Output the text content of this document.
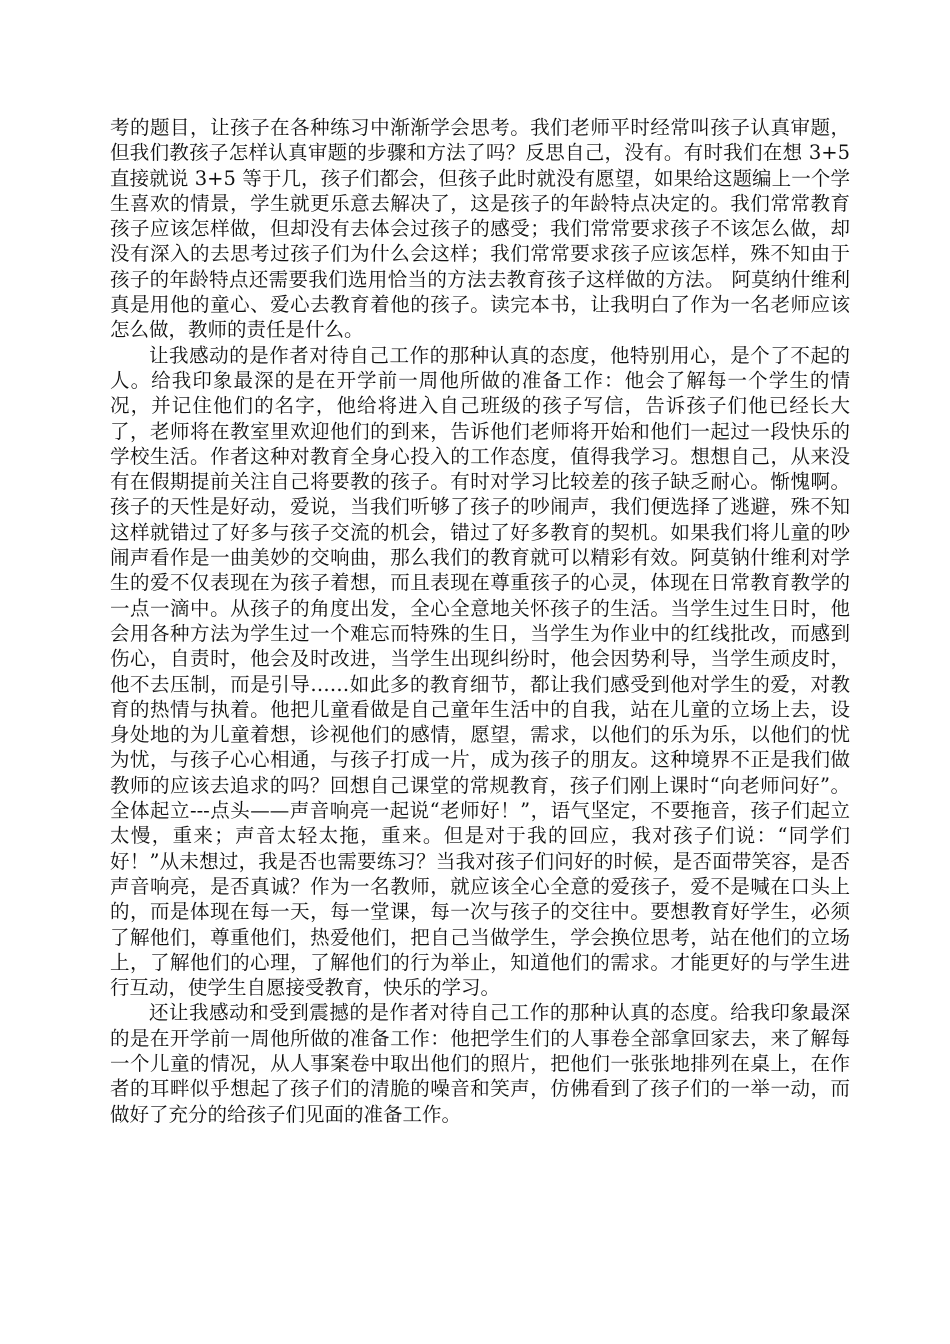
考的题目，让孩子在各种练习中渐渐学会思考。我们老师平时经常叫孩子认真审题，但我们教孩子怎样认真审题的步骤和方法了吗？反思自己，没有。有时我们在想 3+5 直接就说 3+5 等于几，孩子们都会，但孩子此时就没有愿望，如果给这题编上一个学生喜欢的情景，学生就更乐意去解决了，这是孩子的年龄特点决定的。我们常常教育孩子应该怎样做，但却没有去体会过孩子的感受；我们常常要求孩子不该怎么做，却没有深入的去思考过孩子们为什么会这样；我们常常要求孩子应该怎样，殊不知由于孩子的年龄特点还需要我们选用恰当的方法去教育孩子这样做的方法。 阿莫纳什维利真是用他的童心、爱心去教育着他的孩子。读完本书，让我明白了作为一名老师应该怎么做，教师的责任是什么。

让我感动的是作者对待自己工作的那种认真的态度，他特别用心，是个了不起的人。给我印象最深的是在开学前一周他所做的准备工作：他会了解每一个学生的情况，并记住他们的名字，他给将进入自己班级的孩子写信，告诉孩子们他已经长大了，老师将在教室里欢迎他们的到来，告诉他们老师将开始和他们一起过一段快乐的学校生活。作者这种对教育全身心投入的工作态度，值得我学习。想想自己，从来没有在假期提前关注自己将要教的孩子。有时对学习比较差的孩子缺乏耐心。惭愧啊。孩子的天性是好动，爱说，当我们听够了孩子的吵闹声，我们便选择了逃避，殊不知这样就错过了好多与孩子交流的机会，错过了好多教育的契机。如果我们将儿童的吵闹声看作是一曲美妙的交响曲，那么我们的教育就可以精彩有效。阿莫钠什维利对学生的爱不仅表现在为孩子着想，而且表现在尊重孩子的心灵，体现在日常教育教学的一点一滴中。从孩子的角度出发，全心全意地关怀孩子的生活。当学生过生日时，他会用各种方法为学生过一个难忘而特殊的生日，当学生为作业中的红线批改，而感到伤心，自责时，他会及时改进，当学生出现纠纷时，他会因势利导，当学生顽皮时，他不去压制，而是引导……如此多的教育细节，都让我们感受到他对学生的爱，对教育的热情与执着。他把儿童看做是自己童年生活中的自我，站在儿童的立场上去，设身处地的为儿童着想，诊视他们的感情，愿望，需求，以他们的乐为乐，以他们的忧为忧，与孩子心心相通，与孩子打成一片，成为孩子的朋友。这种境界不正是我们做教师的应该去追求的吗？回想自己课堂的常规教育，孩子们刚上课时“向老师问好”。全体起立---点头——声音响亮一起说“老师好！”，语气坚定，不要拖音，孩子们起立太慢，重来；声音太轻太拖，重来。但是对于我的回应，我对孩子们说：“同学们好！”从未想过，我是否也需要练习？当我对孩子们问好的时候，是否面带笑容，是否声音响亮，是否真诚？作为一名教师，就应该全心全意的爱孩子，爱不是喊在口头上的，而是体现在每一天，每一堂课，每一次与孩子的交往中。要想教育好学生，必须了解他们，尊重他们，热爱他们，把自己当做学生，学会换位思考，站在他们的立场上，了解他们的心理，了解他们的行为举止，知道他们的需求。才能更好的与学生进行互动，使学生自愿接受教育，快乐的学习。

还让我感动和受到震撼的是作者对待自己工作的那种认真的态度。给我印象最深的是在开学前一周他所做的准备工作：他把学生们的人事卷全部拿回家去，来了解每一个儿童的情况，从人事案卷中取出他们的照片，把他们一张张地排列在桌上，在作者的耳畔似乎想起了孩子们的清脆的噪音和笑声，仿佛看到了孩子们的一举一动，而做好了充分的给孩子们见面的准备工作。
